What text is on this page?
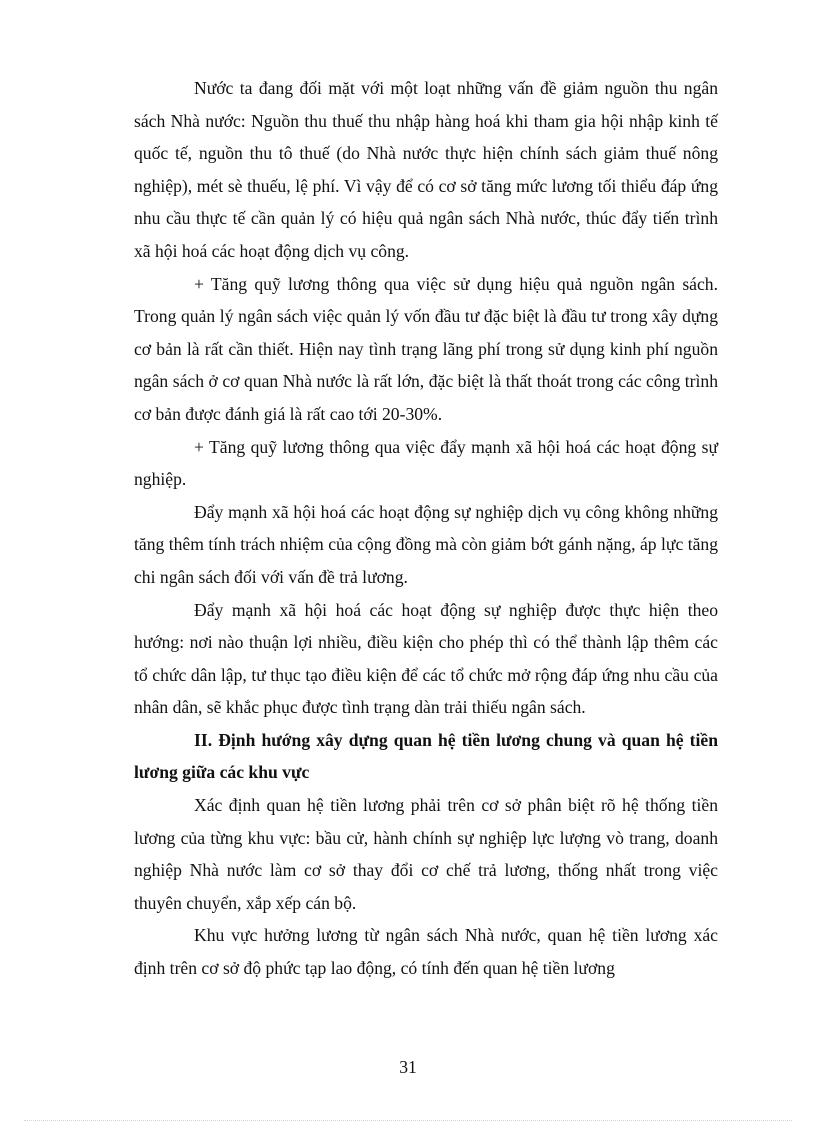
Nước ta đang đối mặt với một loạt những vấn đề giảm nguồn thu ngân sách Nhà nước: Nguồn thu thuế thu nhập hàng hoá khi tham gia hội nhập kinh tế quốc tế, nguồn thu tô thuế (do Nhà nước thực hiện chính sách giảm thuế nông nghiệp), mét sè thuếu, lệ phí. Vì vậy để có cơ sở tăng mức lương tối thiểu đáp ứng nhu cầu thực tế cần quản lý có hiệu quả ngân sách Nhà nước, thúc đẩy tiến trình xã hội hoá các hoạt động dịch vụ công.

+ Tăng quỹ lương thông qua việc sử dụng hiệu quả nguồn ngân sách. Trong quản lý ngân sách việc quản lý vốn đầu tư đặc biệt là đầu tư trong xây dựng cơ bản là rất cần thiết. Hiện nay tình trạng lãng phí trong sử dụng kinh phí nguồn ngân sách ở cơ quan Nhà nước là rất lớn, đặc biệt là thất thoát trong các công trình cơ bản được đánh giá là rất cao tới 20-30%.

+ Tăng quỹ lương thông qua việc đẩy mạnh xã hội hoá các hoạt động sự nghiệp.

Đẩy mạnh xã hội hoá các hoạt động sự nghiệp dịch vụ công không những tăng thêm tính trách nhiệm của cộng đồng mà còn giảm bớt gánh nặng, áp lực tăng chi ngân sách đối với vấn đề trả lương.

Đẩy mạnh xã hội hoá các hoạt động sự nghiệp được thực hiện theo hướng: nơi nào thuận lợi nhiều, điều kiện cho phép thì có thể thành lập thêm các tổ chức dân lập, tư thục tạo điều kiện để các tổ chức mở rộng đáp ứng nhu cầu của nhân dân, sẽ khắc phục được tình trạng dàn trải thiếu ngân sách.

II. Định hướng xây dựng quan hệ tiền lương chung và quan hệ tiền lương giữa các khu vực

Xác định quan hệ tiền lương phải trên cơ sở phân biệt rõ hệ thống tiền lương của từng khu vực: bầu cử, hành chính sự nghiệp lực lượng vò trang, doanh nghiệp Nhà nước làm cơ sở thay đổi cơ chế trả lương, thống nhất trong việc thuyên chuyển, xắp xếp cán bộ.

Khu vực hưởng lương từ ngân sách Nhà nước, quan hệ tiền lương xác định trên cơ sở độ phức tạp lao động, có tính đến quan hệ tiền lương

31
